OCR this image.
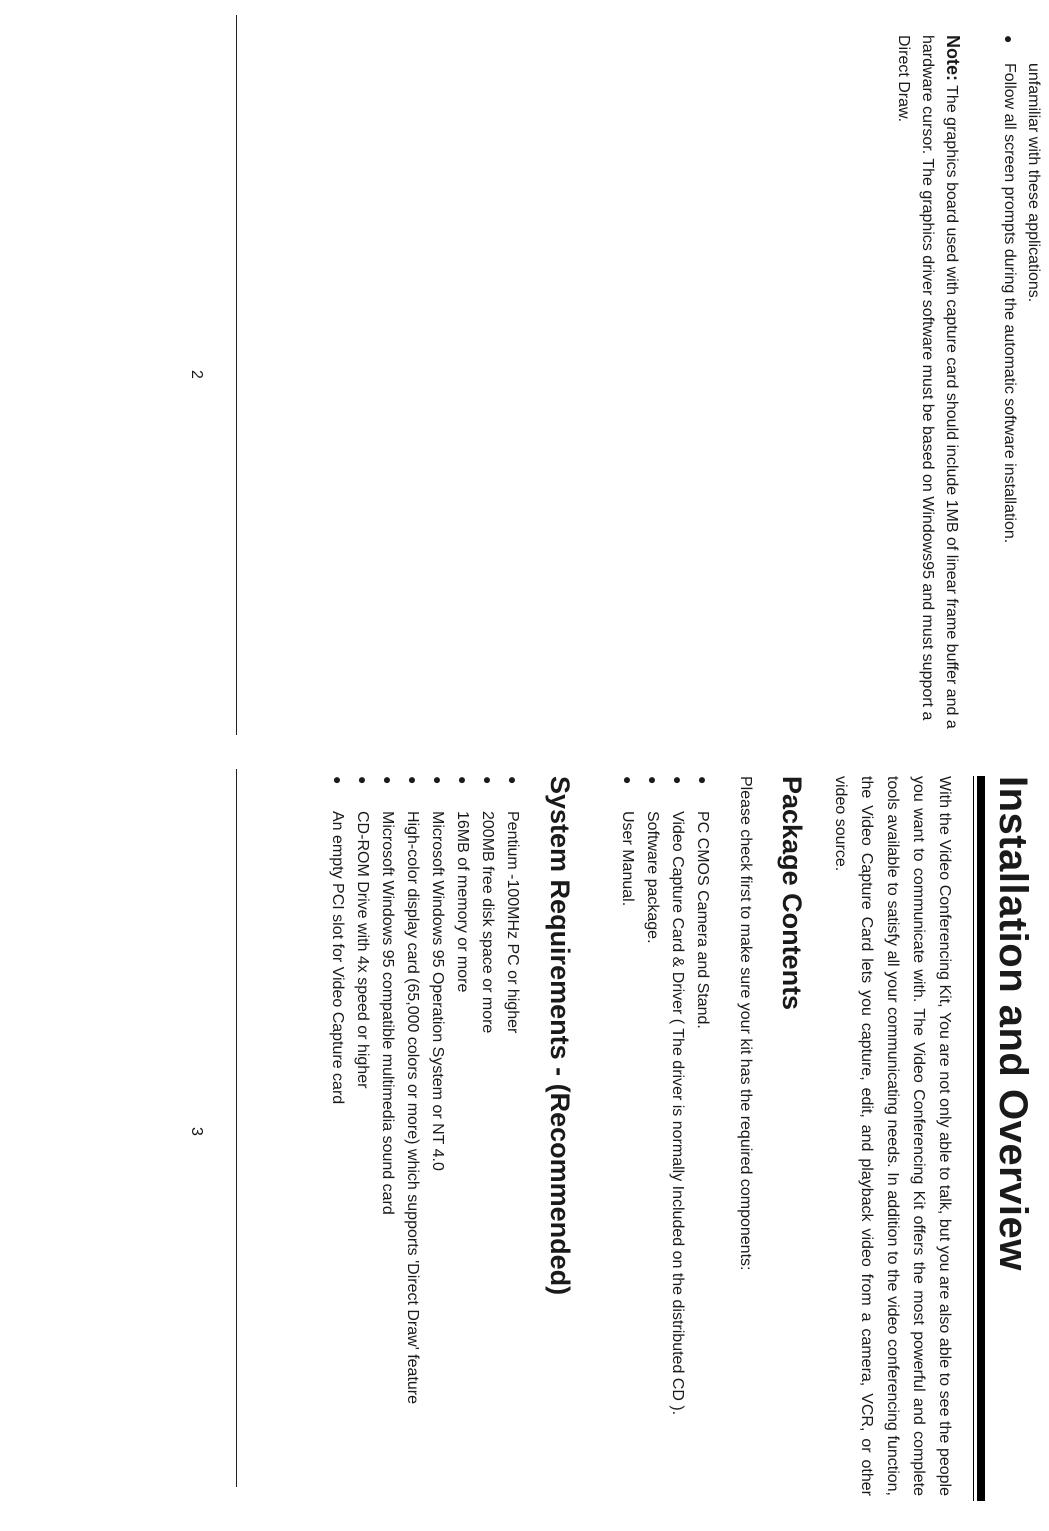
unfamiliar with these applications.

●
Follow all screen prompts during the automatic software installation.

Note: The graphics board used with capture card should include 1MB of linear frame buffer and a hardware cursor. The graphics driver software must be based on Windows95 and must support a Direct Draw.

2
Installation and Overview

With the Video Conferencing Kit, You are not only able to talk, but you are also able to see the people you want to communicate with. The Video Conferencing Kit offers the most powerful and complete tools available to satisfy all your communicating needs. In addition to the video conferencing function, the Video Capture Card lets you capture, edit, and playback video from a camera, VCR, or other video source.

Package Contents

Please check first to make sure your kit has the required components:

●
PC CMOS Camera and Stand.
●
Video Capture Card & Driver ( The driver is normally Included on the distributed CD ).
●
Software package.
●
User Manual.
System Requirements - (Recommended)
●
Pentium -100MHz PC or higher
●
200MB free disk space or more
●
16MB of memory or more
●
Microsoft Windows 95 Operation System or NT 4.0
●
High-color display card (65,000 colors or more) which supports 'Direct Draw' feature
●
Microsoft Windows 95 compatible multimedia sound card
●
CD-ROM Drive with 4x speed or higher
●
An empty PCI slot for Video Capture card
3
